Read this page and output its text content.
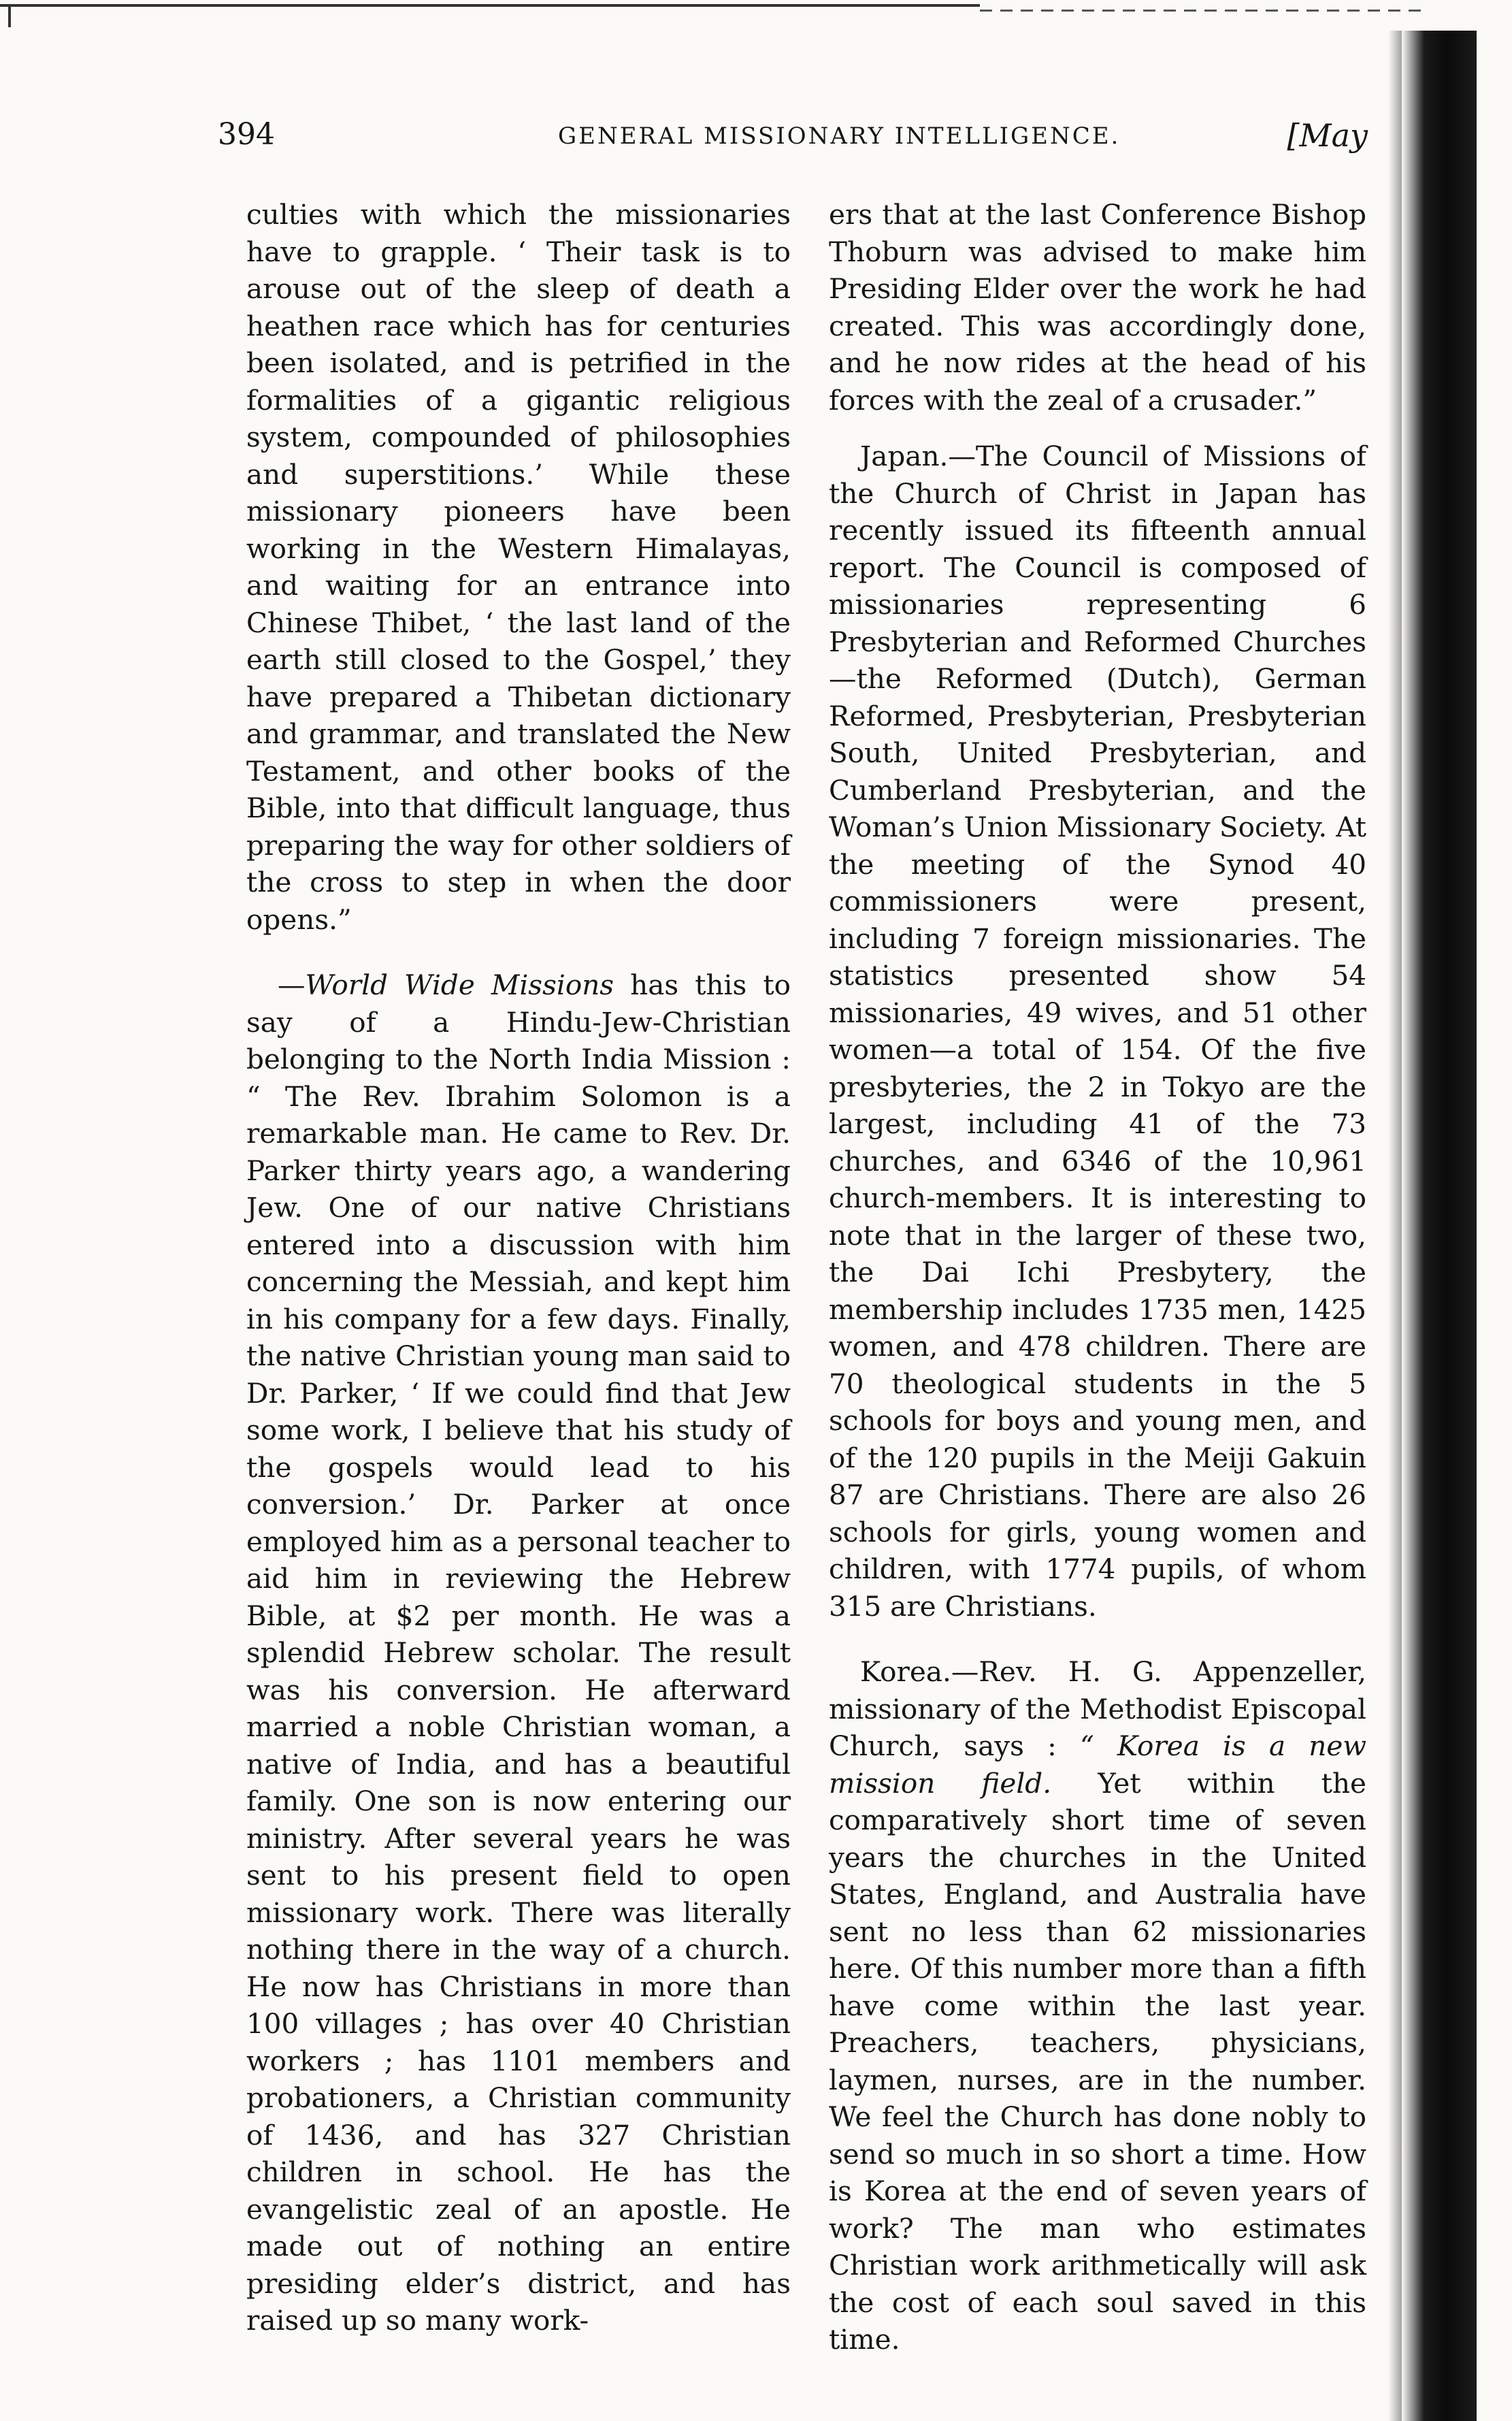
394	GENERAL MISSIONARY INTELLIGENCE.	[May

culties with which the missionaries have to grapple. ‘ Their task is to arouse out of the sleep of death a heathen race which has for centuries been isolated, and is petrified in the formalities of a gigantic religious system, compounded of philosophies and superstitions.’ While these missionary pioneers have been working in the Western Himalayas, and waiting for an entrance into Chinese Thibet, ‘ the last land of the earth still closed to the Gospel,’ they have prepared a Thibetan dictionary and grammar, and translated the New Testament, and other books of the Bible, into that difficult language, thus preparing the way for other soldiers of the cross to step in when the door opens.”

—World Wide Missions has this to say of a Hindu-Jew-Christian belonging to the North India Mission : “ The Rev. Ibrahim Solomon is a remarkable man. He came to Rev. Dr. Parker thirty years ago, a wandering Jew. One of our native Christians entered into a discussion with him concerning the Messiah, and kept him in his company for a few days. Finally, the native Christian young man said to Dr. Parker, ‘ If we could find that Jew some work, I believe that his study of the gospels would lead to his conversion.’ Dr. Parker at once employed him as a personal teacher to aid him in reviewing the Hebrew Bible, at $2 per month. He was a splendid Hebrew scholar. The result was his conversion. He afterward married a noble Christian woman, a native of India, and has a beautiful family. One son is now entering our ministry. After several years he was sent to his present field to open missionary work. There was literally nothing there in the way of a church. He now has Christians in more than 100 villages ; has over 40 Christian workers ; has 1101 members and probationers, a Christian community of 1436, and has 327 Christian children in school. He has the evangelistic zeal of an apostle. He made out of nothing an entire presiding elder’s district, and has raised up so many work-

ers that at the last Conference Bishop Thoburn was advised to make him Presiding Elder over the work he had created. This was accordingly done, and he now rides at the head of his forces with the zeal of a crusader.”

Japan.—The Council of Missions of the Church of Christ in Japan has recently issued its fifteenth annual report. The Council is composed of missionaries representing 6 Presbyterian and Reformed Churches—the Reformed (Dutch), German Reformed, Presbyterian, Presbyterian South, United Presbyterian, and Cumberland Presbyterian, and the Woman’s Union Missionary Society. At the meeting of the Synod 40 commissioners were present, including 7 foreign missionaries. The statistics presented show 54 missionaries, 49 wives, and 51 other women—a total of 154. Of the five presbyteries, the 2 in Tokyo are the largest, including 41 of the 73 churches, and 6346 of the 10,961 church-members. It is interesting to note that in the larger of these two, the Dai Ichi Presbytery, the membership includes 1735 men, 1425 women, and 478 children. There are 70 theological students in the 5 schools for boys and young men, and of the 120 pupils in the Meiji Gakuin 87 are Christians. There are also 26 schools for girls, young women and children, with 1774 pupils, of whom 315 are Christians.

Korea.—Rev. H. G. Appenzeller, missionary of the Methodist Episcopal Church, says : “ Korea is a new mission field. Yet within the comparatively short time of seven years the churches in the United States, England, and Australia have sent no less than 62 missionaries here. Of this number more than a fifth have come within the last year. Preachers, teachers, physicians, laymen, nurses, are in the number. We feel the Church has done nobly to send so much in so short a time. How is Korea at the end of seven years of work? The man who estimates Christian work arithmetically will ask the cost of each soul saved in this time.
